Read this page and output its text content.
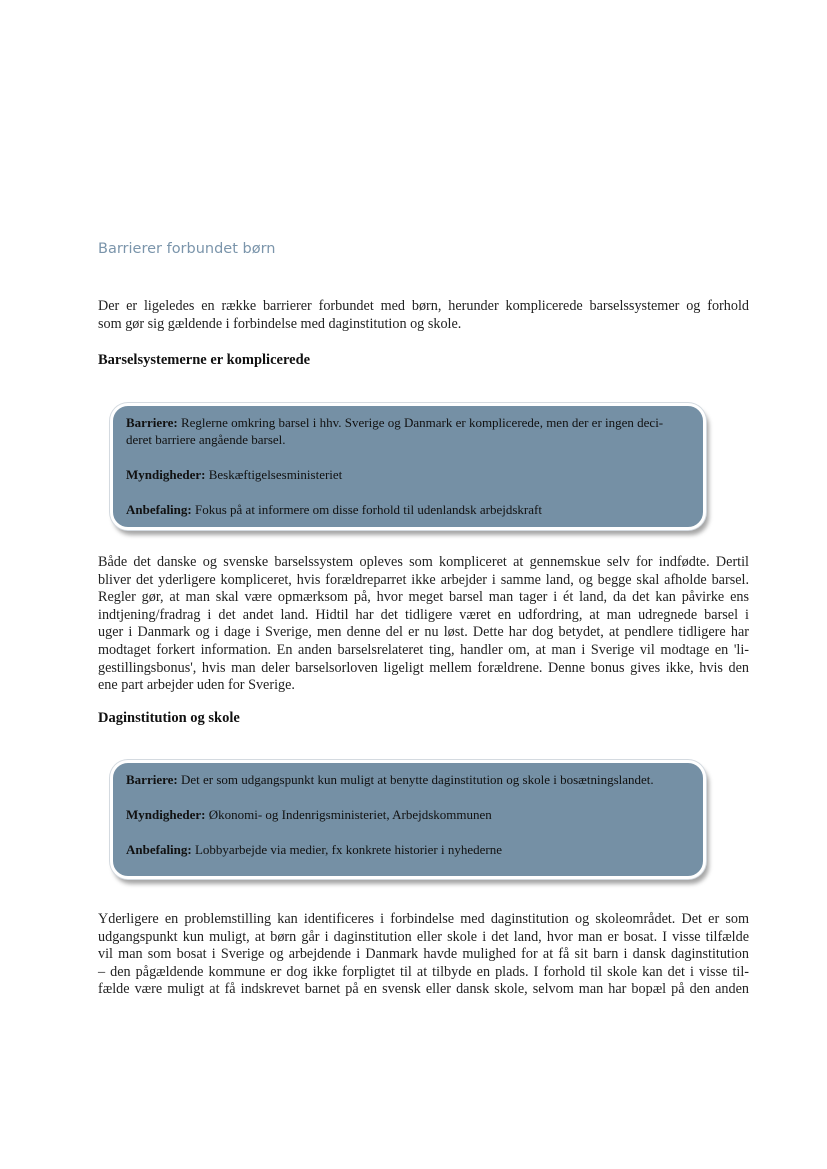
Barrierer forbundet børn

Der er ligeledes en række barrierer forbundet med børn, herunder komplicerede barselssystemer og forhold
som gør sig gældende i forbindelse med daginstitution og skole.

Barselsystemerne er komplicerede

Barriere: Reglerne omkring barsel i hhv. Sverige og Danmark er komplicerede, men der er ingen deci-
deret barriere angående barsel.

Myndigheder: Beskæftigelsesministeriet

Anbefaling: Fokus på at informere om disse forhold til udenlandsk arbejdskraft

Både det danske og svenske barselssystem opleves som kompliceret at gennemskue selv for indfødte. Dertil
bliver det yderligere kompliceret, hvis forældreparret ikke arbejder i samme land, og begge skal afholde barsel.
Regler gør, at man skal være opmærksom på, hvor meget barsel man tager i ét land, da det kan påvirke ens
indtjening/fradrag i det andet land. Hidtil har det tidligere været en udfordring, at man udregnede barsel i
uger i Danmark og i dage i Sverige, men denne del er nu løst. Dette har dog betydet, at pendlere tidligere har
modtaget forkert information. En anden barselsrelateret ting, handler om, at man i Sverige vil modtage en 'li-
gestillingsbonus', hvis man deler barselsorloven ligeligt mellem forældrene. Denne bonus gives ikke, hvis den
ene part arbejder uden for Sverige.

Daginstitution og skole

Barriere: Det er som udgangspunkt kun muligt at benytte daginstitution og skole i bosætningslandet.

Myndigheder: Økonomi- og Indenrigsministeriet, Arbejdskommunen

Anbefaling: Lobbyarbejde via medier, fx konkrete historier i nyhederne

Yderligere en problemstilling kan identificeres i forbindelse med daginstitution og skoleområdet. Det er som
udgangspunkt kun muligt, at børn går i daginstitution eller skole i det land, hvor man er bosat. I visse tilfælde
vil man som bosat i Sverige og arbejdende i Danmark havde mulighed for at få sit barn i dansk daginstitution
– den pågældende kommune er dog ikke forpligtet til at tilbyde en plads. I forhold til skole kan det i visse til-
fælde være muligt at få indskrevet barnet på en svensk eller dansk skole, selvom man har bopæl på den anden
